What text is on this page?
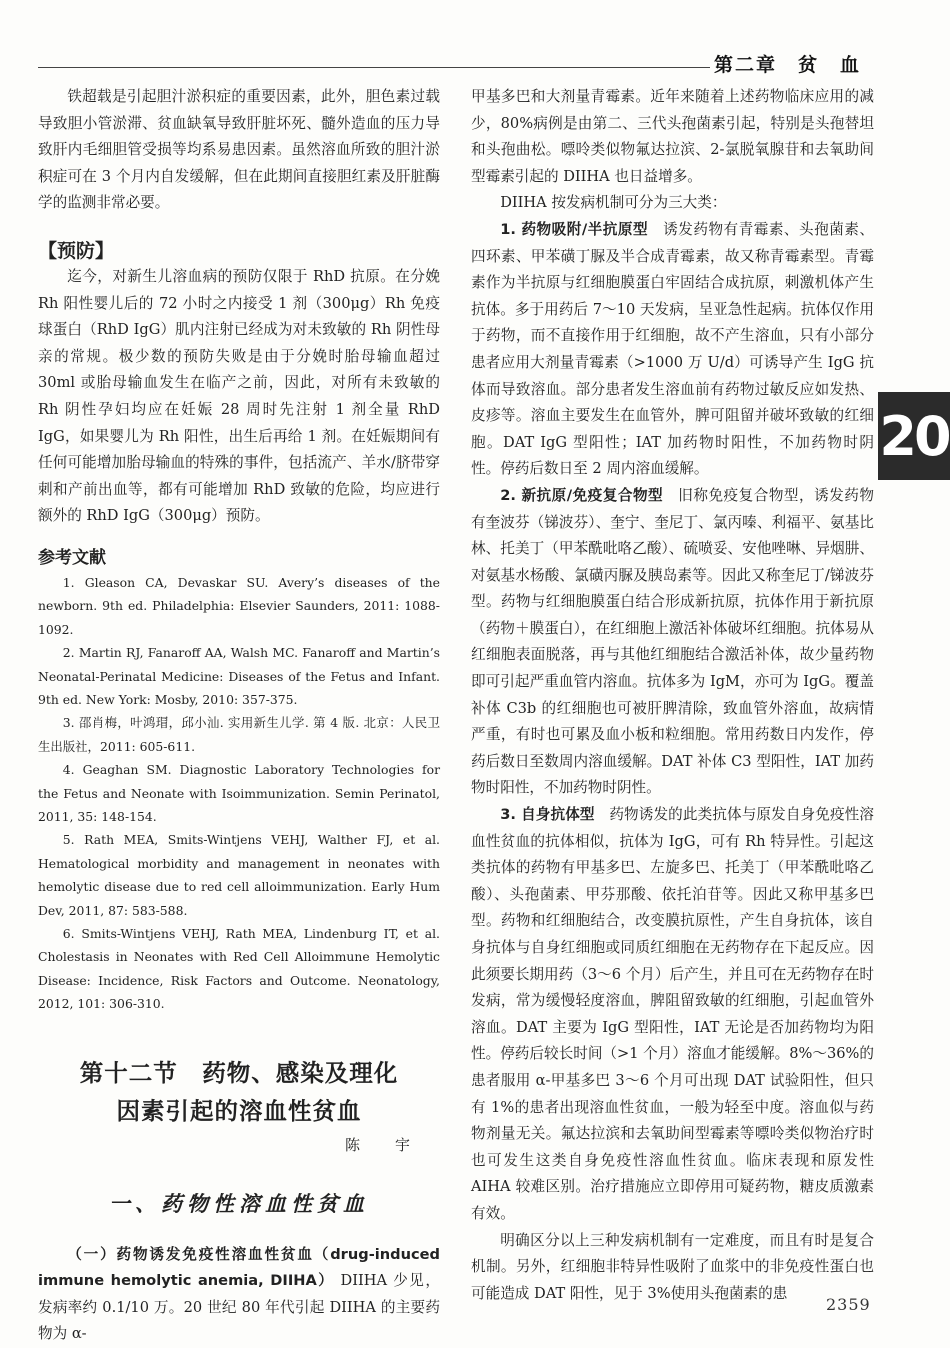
第二章　贫　血
20

铁超载是引起胆汁淤积症的重要因素，此外，胆色素过载导致胆小管淤滞、贫血缺氧导致肝脏坏死、髓外造血的压力导致肝内毛细胆管受损等均系易患因素。虽然溶血所致的胆汁淤积症可在 3 个月内自发缓解，但在此期间直接胆红素及肝脏酶学的监测非常必要。

【预防】

迄今，对新生儿溶血病的预防仅限于 RhD 抗原。在分娩 Rh 阳性婴儿后的 72 小时之内接受 1 剂（300μg）Rh 免疫球蛋白（RhD IgG）肌内注射已经成为对未致敏的 Rh 阴性母亲的常规。极少数的预防失败是由于分娩时胎母输血超过 30ml 或胎母输血发生在临产之前，因此，对所有未致敏的 Rh 阴性孕妇均应在妊娠 28 周时先注射 1 剂全量 RhD IgG，如果婴儿为 Rh 阳性，出生后再给 1 剂。在妊娠期间有任何可能增加胎母输血的特殊的事件，包括流产、羊水/脐带穿刺和产前出血等，都有可能增加 RhD 致敏的危险，均应进行额外的 RhD IgG（300μg）预防。

参考文献

1. Gleason CA, Devaskar SU. Avery’s diseases of the newborn. 9th ed. Philadelphia: Elsevier Saunders, 2011: 1088-1092.

2. Martin RJ, Fanaroff AA, Walsh MC. Fanaroff and Martin’s Neonatal-Perinatal Medicine: Diseases of the Fetus and Infant. 9th ed. New York: Mosby, 2010: 357-375.

3. 邵肖梅，叶鸿瑁，邱小汕. 实用新生儿学. 第 4 版. 北京：人民卫生出版社，2011: 605-611.

4. Geaghan SM. Diagnostic Laboratory Technologies for the Fetus and Neonate with Isoimmunization. Semin Perinatol, 2011, 35: 148-154.

5. Rath MEA, Smits-Wintjens VEHJ, Walther FJ, et al. Hematological morbidity and management in neonates with hemolytic disease due to red cell alloimmunization. Early Hum Dev, 2011, 87: 583-588.

6. Smits-Wintjens VEHJ, Rath MEA, Lindenburg IT, et al. Cholestasis in Neonates with Red Cell Alloimmune Hemolytic Disease: Incidence, Risk Factors and Outcome. Neonatology, 2012, 101: 306-310.

第十二节　药物、感染及理化
因素引起的溶血性贫血
陈　宇
一、药物性溶血性贫血

（一）药物诱发免疫性溶血性贫血（drug-induced immune hemolytic anemia, DIIHA） DIIHA 少见，发病率约 0.1/10 万。20 世纪 80 年代引起 DIIHA 的主要药物为 α-

甲基多巴和大剂量青霉素。近年来随着上述药物临床应用的减少，80%病例是由第二、三代头孢菌素引起，特别是头孢替坦和头孢曲松。嘌呤类似物氟达拉滨、2-氯脱氧腺苷和去氧助间型霉素引起的 DIIHA 也日益增多。

DIIHA 按发病机制可分为三大类：

1. 药物吸附/半抗原型　 诱发药物有青霉素、头孢菌素、四环素、甲苯磺丁脲及半合成青霉素，故又称青霉素型。青霉素作为半抗原与红细胞膜蛋白牢固结合成抗原，刺激机体产生抗体。多于用药后 7～10 天发病，呈亚急性起病。抗体仅作用于药物，而不直接作用于红细胞，故不产生溶血，只有小部分患者应用大剂量青霉素（>1000 万 U/d）可诱导产生 IgG 抗体而导致溶血。部分患者发生溶血前有药物过敏反应如发热、皮疹等。溶血主要发生在血管外，脾可阻留并破坏致敏的红细胞。DAT IgG 型阳性；IAT 加药物时阳性，不加药物时阴性。停药后数日至 2 周内溶血缓解。

2. 新抗原/免疫复合物型　 旧称免疫复合物型，诱发药物有奎波芬（锑波芬）、奎宁、奎尼丁、氯丙嗪、利福平、氨基比林、托美丁（甲苯酰吡咯乙酸）、硫喷妥、安他唑啉、异烟肼、对氨基水杨酸、氯磺丙脲及胰岛素等。因此又称奎尼丁/锑波芬型。药物与红细胞膜蛋白结合形成新抗原，抗体作用于新抗原（药物＋膜蛋白），在红细胞上激活补体破坏红细胞。抗体易从红细胞表面脱落，再与其他红细胞结合激活补体，故少量药物即可引起严重血管内溶血。抗体多为 IgM，亦可为 IgG。覆盖补体 C3b 的红细胞也可被肝脾清除，致血管外溶血，故病情严重，有时也可累及血小板和粒细胞。常用药数日内发作，停药后数日至数周内溶血缓解。DAT 补体 C3 型阳性，IAT 加药物时阳性，不加药物时阴性。

3. 自身抗体型　 药物诱发的此类抗体与原发自身免疫性溶血性贫血的抗体相似，抗体为 IgG，可有 Rh 特异性。引起这类抗体的药物有甲基多巴、左旋多巴、托美丁（甲苯酰吡咯乙酸）、头孢菌素、甲芬那酸、依托泊苷等。因此又称甲基多巴型。药物和红细胞结合，改变膜抗原性，产生自身抗体，该自身抗体与自身红细胞或同质红细胞在无药物存在下起反应。因此须要长期用药（3～6 个月）后产生，并且可在无药物存在时发病，常为缓慢轻度溶血，脾阻留致敏的红细胞，引起血管外溶血。DAT 主要为 IgG 型阳性，IAT 无论是否加药物均为阳性。停药后较长时间（>1 个月）溶血才能缓解。8%～36%的患者服用 α-甲基多巴 3～6 个月可出现 DAT 试验阳性，但只有 1%的患者出现溶血性贫血，一般为轻至中度。溶血似与药物剂量无关。氟达拉滨和去氧助间型霉素等嘌呤类似物治疗时也可发生这类自身免疫性溶血性贫血。临床表现和原发性 AIHA 较难区别。治疗措施应立即停用可疑药物，糖皮质激素有效。

明确区分以上三种发病机制有一定难度，而且有时是复合机制。另外，红细胞非特异性吸附了血浆中的非免疫性蛋白也可能造成 DAT 阳性，见于 3%使用头孢菌素的患

2359
